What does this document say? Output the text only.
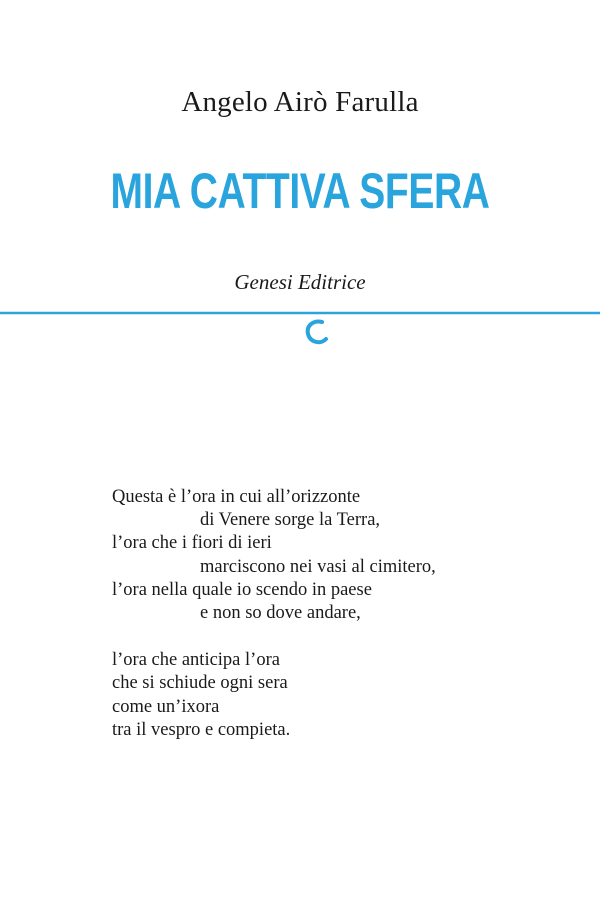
Angelo Airò Farulla
MIA CATTIVA SFERA
Genesi Editrice
Questa è l’ora in cui all’orizzonte
di Venere sorge la Terra,
l’ora che i fiori di ieri
marciscono nei vasi al cimitero,
l’ora nella quale io scendo in paese
e non so dove andare,
l’ora che anticipa l’ora
che si schiude ogni sera
come un’ixora
tra il vespro e compieta.
